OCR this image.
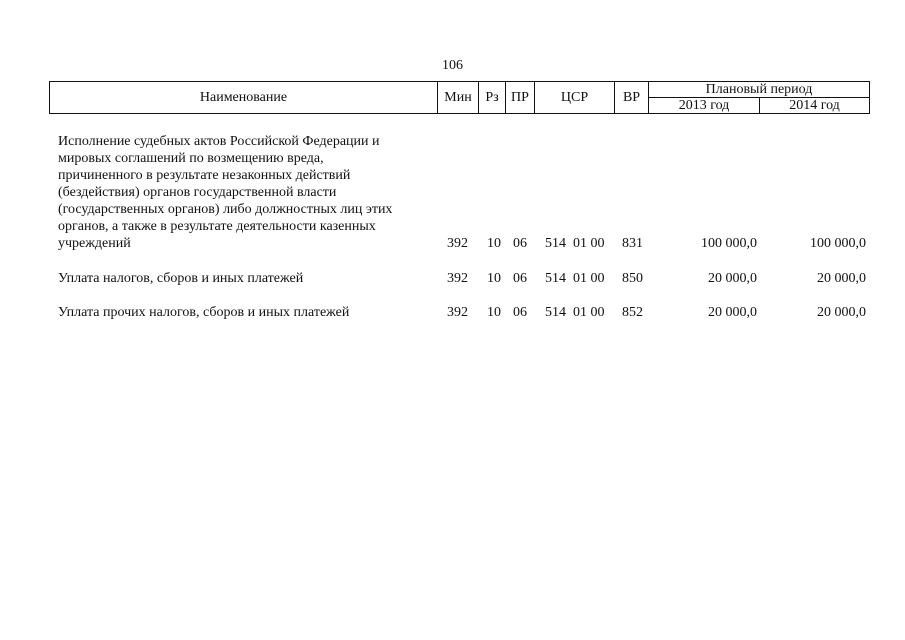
106
Наименование	Мин	Рз	ПР	ЦСР	ВР	Плановый период	
						2013 год	2014 год
Исполнение судебных актов Российской Федерации и
мировых соглашений по возмещению вреда,
причиненного в результате незаконных действий
(бездействия) органов государственной власти
(государственных органов) либо должностных лиц этих
органов, а также в результате деятельности казенных
учреждений	392 10 06 514  01 00 831	100 000,0	100 000,0
Уплата налогов, сборов и иных платежей	392 10 06 514  01 00 850	20 000,0	20 000,0
Уплата прочих налогов, сборов и иных платежей	392 10 06 514  01 00 852	20 000,0	20 000,0
